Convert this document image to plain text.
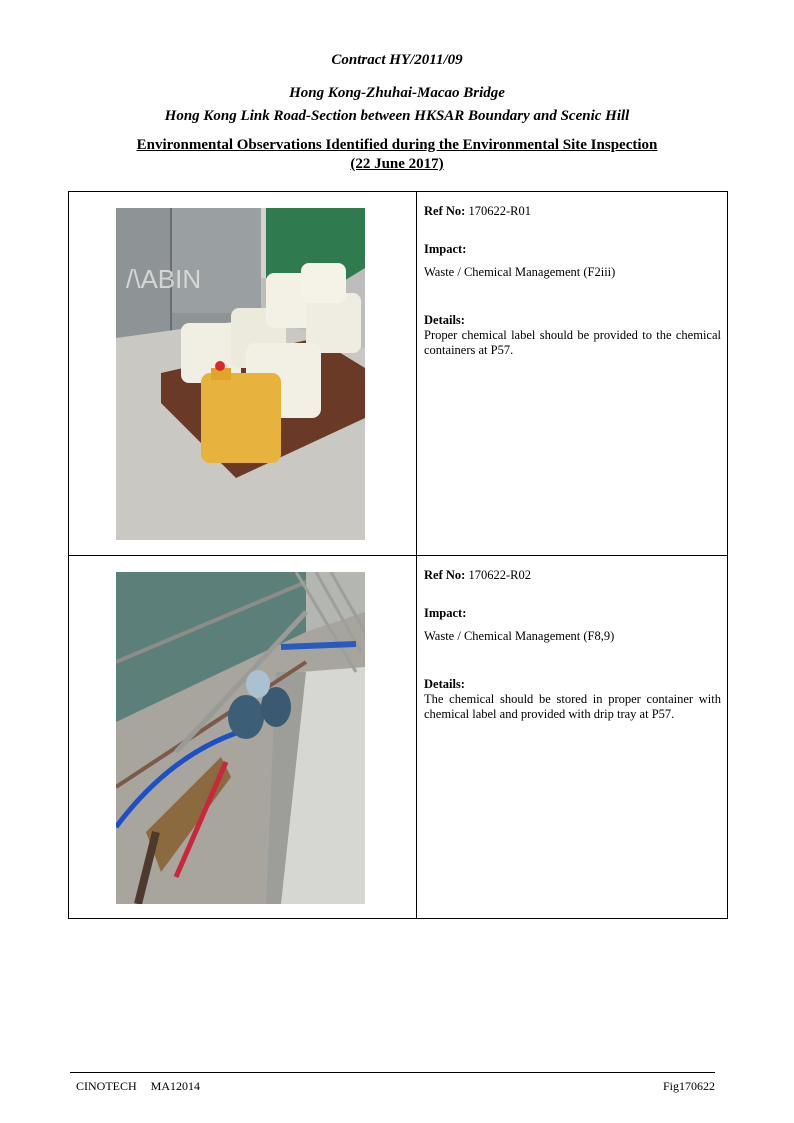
Contract HY/2011/09
Hong Kong-Zhuhai-Macao Bridge
Hong Kong Link Road-Section between HKSAR Boundary and Scenic Hill
Environmental Observations Identified during the Environmental Site Inspection
(22 June 2017)
/\ABIN
Ref No: 170622-R01
Impact:
Waste / Chemical Management (F2iii)
Details:
Proper chemical label should be provided to the chemical containers at P57.
Ref No: 170622-R02
Impact:
Waste / Chemical Management (F8,9)
Details:
The chemical should be stored in proper container with chemical label and provided with drip tray at P57.
CINOTECH MA12014	Fig170622
